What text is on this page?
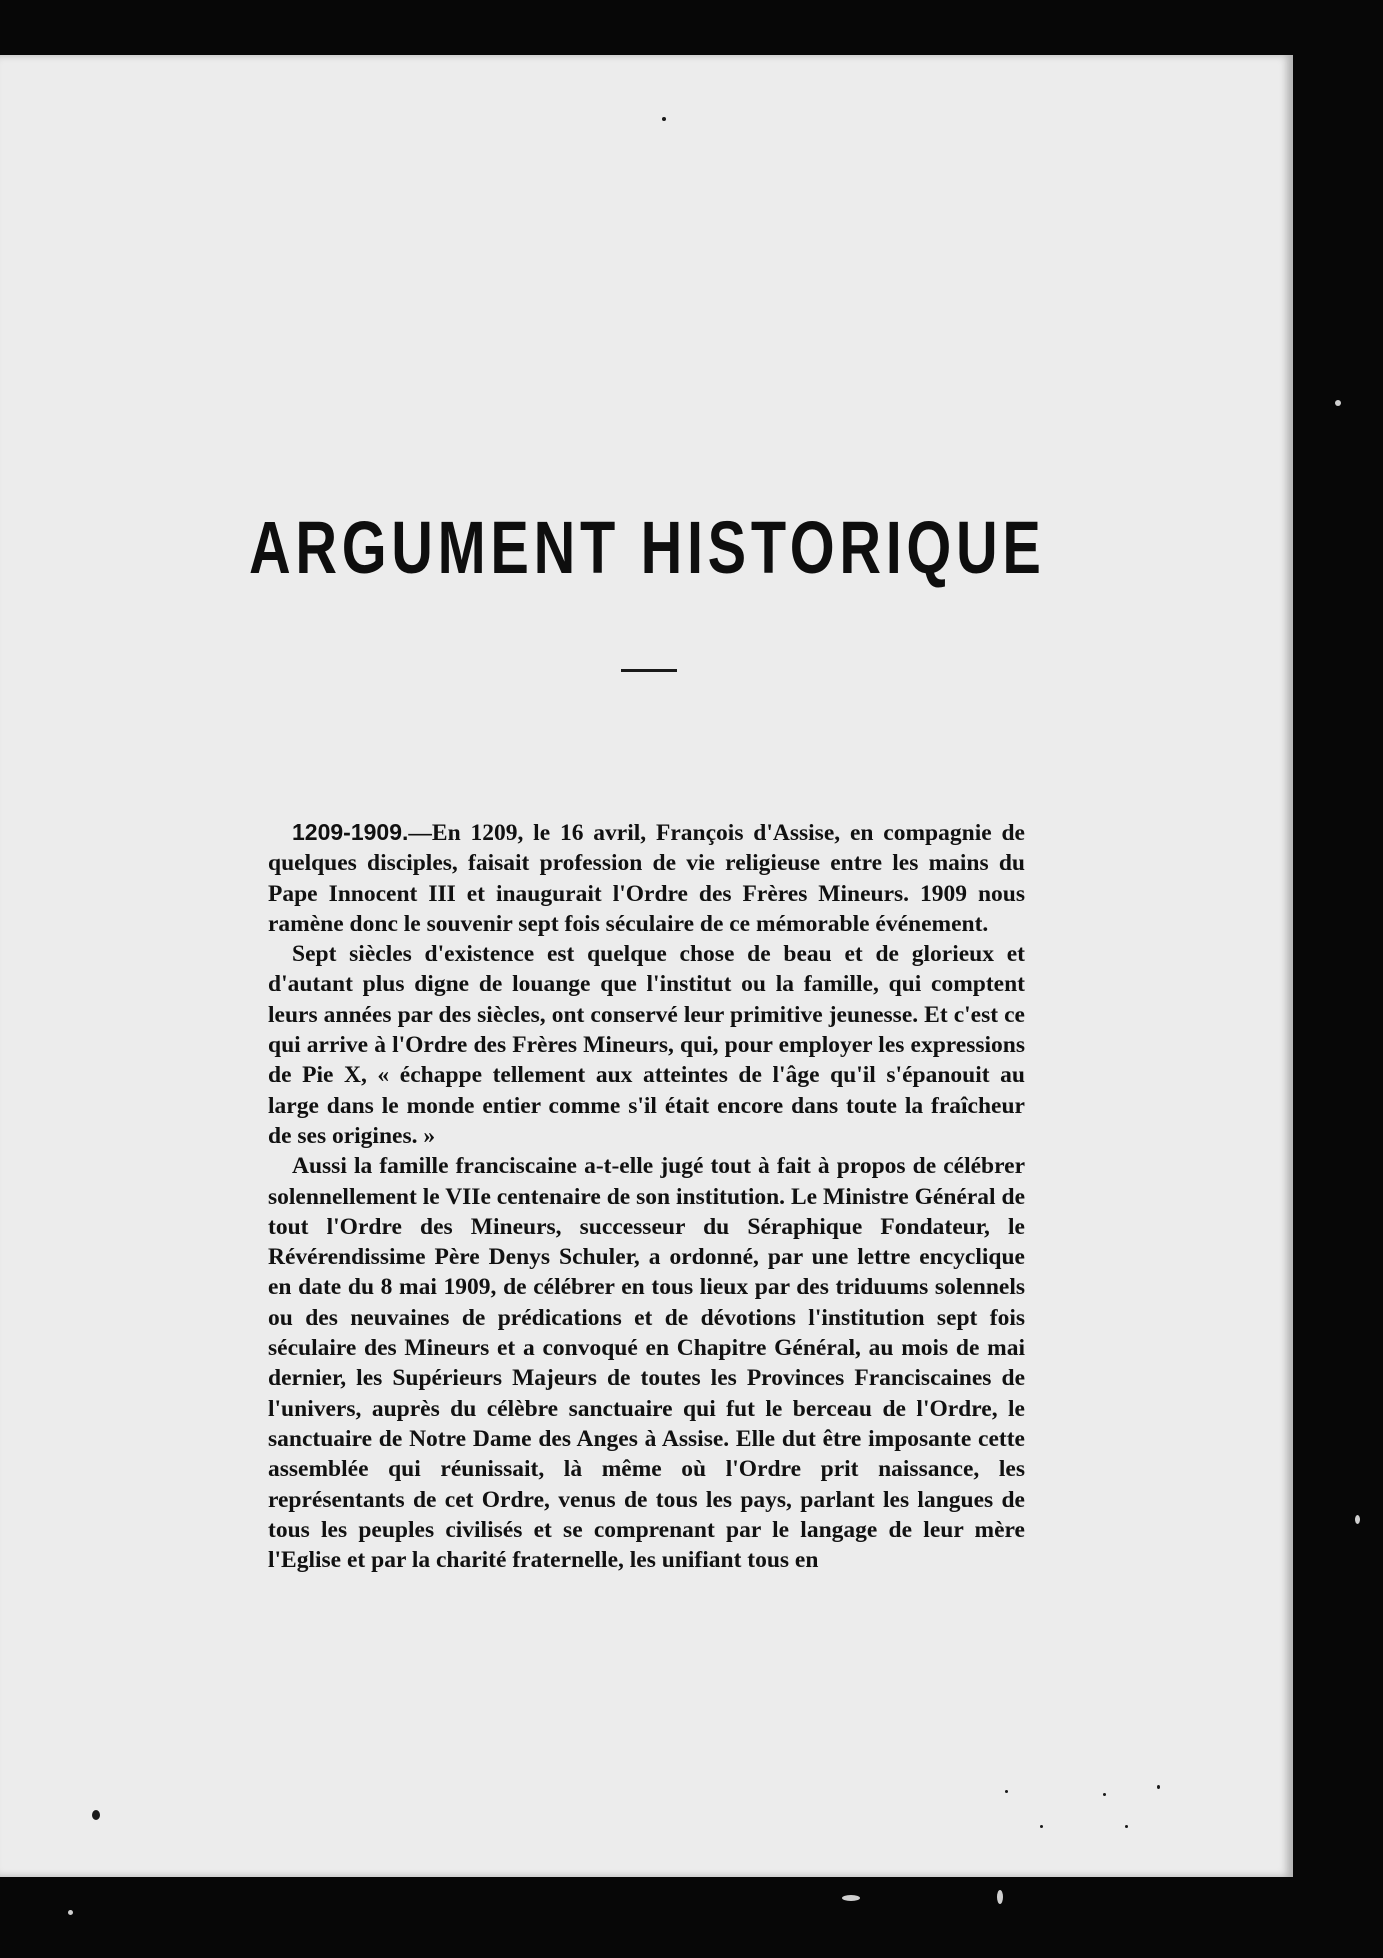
ARGUMENT HISTORIQUE

1209-1909.—En 1209, le 16 avril, François d'Assise, en compagnie de quelques disciples, faisait profession de vie religieuse entre les mains du Pape Innocent III et inaugurait l'Ordre des Frères Mineurs. 1909 nous ramène donc le souvenir sept fois séculaire de ce mémorable événement.

Sept siècles d'existence est quelque chose de beau et de glorieux et d'autant plus digne de louange que l'institut ou la famille, qui comptent leurs années par des siècles, ont conservé leur primitive jeunesse. Et c'est ce qui arrive à l'Ordre des Frères Mineurs, qui, pour employer les expressions de Pie X, « échappe tellement aux atteintes de l'âge qu'il s'épanouit au large dans le monde entier comme s'il était encore dans toute la fraîcheur de ses origines. »

Aussi la famille franciscaine a-t-elle jugé tout à fait à propos de célébrer solennellement le VIIe centenaire de son institution. Le Ministre Général de tout l'Ordre des Mineurs, successeur du Séraphique Fondateur, le Révérendissime Père Denys Schuler, a ordonné, par une lettre encyclique en date du 8 mai 1909, de célébrer en tous lieux par des triduums solennels ou des neuvaines de prédications et de dévotions l'institution sept fois séculaire des Mineurs et a convoqué en Chapitre Général, au mois de mai dernier, les Supérieurs Majeurs de toutes les Provinces Franciscaines de l'univers, auprès du célèbre sanctuaire qui fut le berceau de l'Ordre, le sanctuaire de Notre Dame des Anges à Assise. Elle dut être imposante cette assemblée qui réunissait, là même où l'Ordre prit naissance, les représentants de cet Ordre, venus de tous les pays, parlant les langues de tous les peuples civilisés et se comprenant par le langage de leur mère l'Eglise et par la charité fraternelle, les unifiant tous en
